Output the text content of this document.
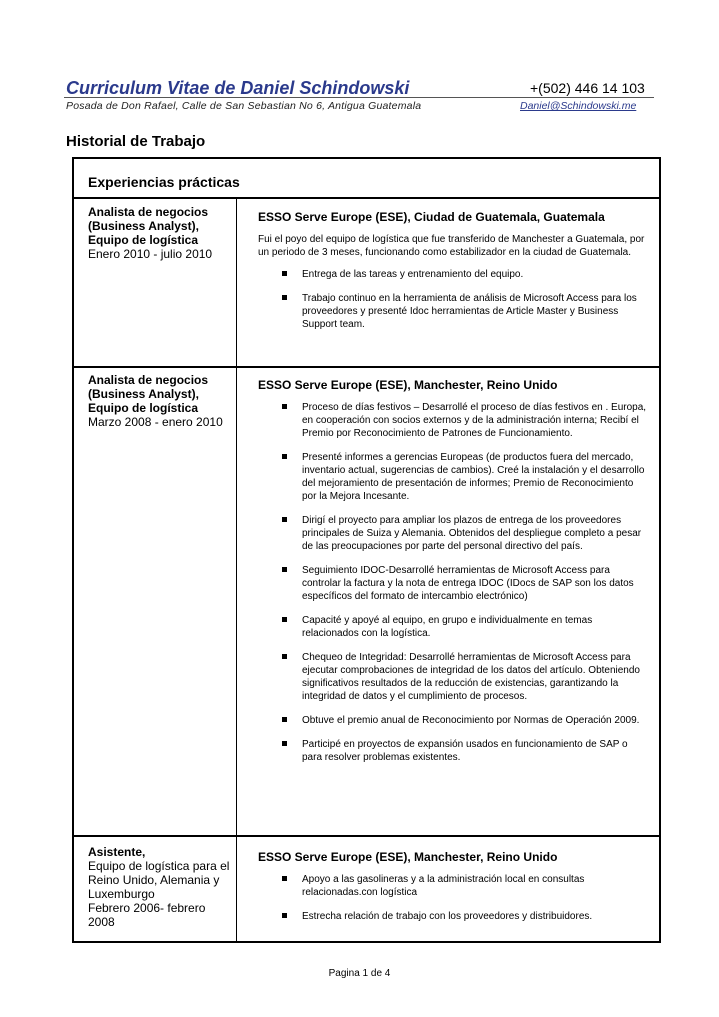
Curriculum Vitae de Daniel Schindowski	+(502) 446 14 103
Posada de Don Rafael, Calle de San Sebastian No 6, Antigua Guatemala	Daniel@Schindowski.me
Historial de Trabajo
Experiencias prácticas
Analista de negocios
(Business Analyst),
Equipo de logística
Enero 2010 - julio 2010
ESSO Serve Europe (ESE), Ciudad de Guatemala, Guatemala

Fui el poyo del equipo de logística que fue transferido de Manchester a Guatemala, por un periodo de 3 meses, funcionando como estabilizador en la ciudad de Guatemala.

Entrega de las tareas y entrenamiento del equipo.
Trabajo continuo en la herramienta de análisis de Microsoft Access para los proveedores y presenté Idoc herramientas de Article Master y Business Support team.
Analista de negocios
(Business Analyst),
Equipo de logística
Marzo 2008 - enero 2010
ESSO Serve Europe (ESE), Manchester, Reino Unido
Proceso de días festivos – Desarrollé el proceso de días festivos en . Europa, en cooperación con socios externos y de la administración interna; Recibí el Premio por Reconocimiento de Patrones de Funcionamiento.
Presenté informes a gerencias Europeas (de productos fuera del mercado, inventario actual, sugerencias de cambios). Creé la instalación y el desarrollo del mejoramiento de presentación de informes; Premio de Reconocimiento por la Mejora Incesante.
Dirigí el proyecto para ampliar los plazos de entrega de los proveedores principales de Suiza y Alemania. Obtenidos del despliegue completo a pesar de las preocupaciones por parte del personal directivo del país.
Seguimiento IDOC-Desarrollé herramientas de Microsoft Access para controlar la factura y la nota de entrega IDOC (IDocs de SAP son los datos específicos del formato de intercambio electrónico)
Capacité y apoyé al equipo, en grupo e individualmente en temas relacionados con la logística.
Chequeo de Integridad: Desarrollé herramientas de Microsoft Access para ejecutar comprobaciones de integridad de los datos del artículo. Obteniendo significativos resultados de la reducción de existencias, garantizando la integridad de datos y el cumplimiento de procesos.
Obtuve el premio anual de Reconocimiento por Normas de Operación 2009.
Participé en proyectos de expansión usados en funcionamiento de SAP o para resolver problemas existentes.
Asistente,
Equipo de logística para el Reino Unido, Alemania y Luxemburgo
Febrero 2006- febrero 2008
ESSO Serve Europe (ESE), Manchester, Reino Unido
Apoyo a las gasolineras y a la administración local en consultas relacionadas.con logística
Estrecha relación de trabajo con los proveedores y distribuidores.
Pagina 1 de 4
